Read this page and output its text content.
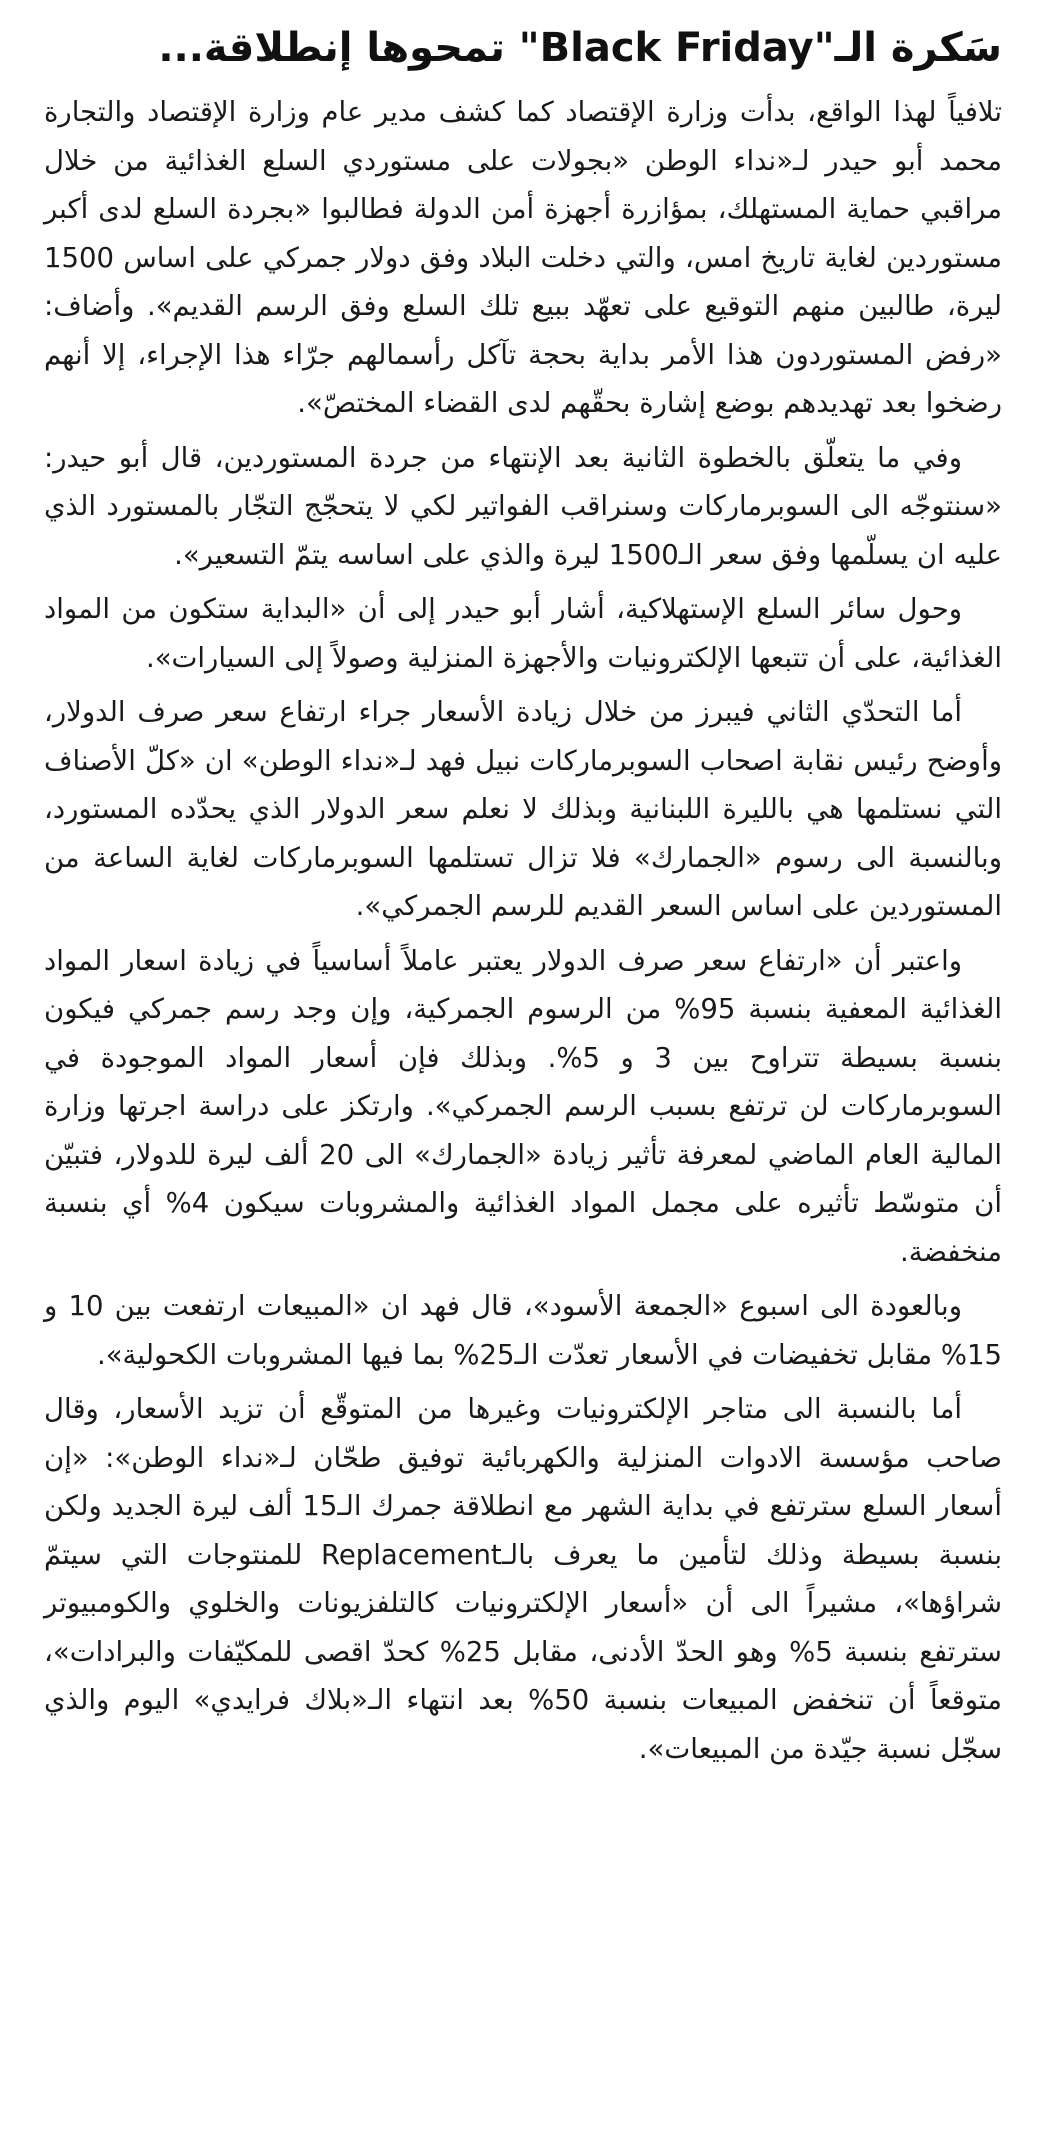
سَكرة الـ"Black Friday" تمحوها إنطلاقة...

تلافياً لهذا الواقع، بدأت وزارة الإقتصاد كما كشف مدير عام وزارة الإقتصاد والتجارة محمد أبو حيدر لـ«نداء الوطن «بجولات على مستوردي السلع الغذائية من خلال مراقبي حماية المستهلك، بمؤازرة أجهزة أمن الدولة فطالبوا «بجردة السلع لدى أكبر مستوردين لغاية تاريخ امس، والتي دخلت البلاد وفق دولار جمركي على اساس 1500 ليرة، طالبين منهم التوقيع على تعهّد ببيع تلك السلع وفق الرسم القديم». وأضاف: «رفض المستوردون هذا الأمر بداية بحجة تآكل رأسمالهم جرّاء هذا الإجراء، إلا أنهم رضخوا بعد تهديدهم بوضع إشارة بحقّهم لدى القضاء المختصّ».

وفي ما يتعلّق بالخطوة الثانية بعد الإنتهاء من جردة المستوردين، قال أبو حيدر: «سنتوجّه الى السوبرماركات وسنراقب الفواتير لكي لا يتحجّج التجّار بالمستورد الذي عليه ان يسلّمها وفق سعر الـ1500 ليرة والذي على اساسه يتمّ التسعير».

وحول سائر السلع الإستهلاكية، أشار أبو حيدر إلى أن «البداية ستكون من المواد الغذائية، على أن تتبعها الإلكترونيات والأجهزة المنزلية وصولاً إلى السيارات».

أما التحدّي الثاني فيبرز من خلال زيادة الأسعار جراء ارتفاع سعر صرف الدولار، وأوضح رئيس نقابة اصحاب السوبرماركات نبيل فهد لـ«نداء الوطن» ان «كلّ الأصناف التي نستلمها هي بالليرة اللبنانية وبذلك لا نعلم سعر الدولار الذي يحدّده المستورد، وبالنسبة الى رسوم «الجمارك» فلا تزال تستلمها السوبرماركات لغاية الساعة من المستوردين على اساس السعر القديم للرسم الجمركي».

واعتبر أن «ارتفاع سعر صرف الدولار يعتبر عاملاً أساسياً في زيادة اسعار المواد الغذائية المعفية بنسبة 95% من الرسوم الجمركية، وإن وجد رسم جمركي فيكون بنسبة بسيطة تتراوح بين 3 و 5%. وبذلك فإن أسعار المواد الموجودة في السوبرماركات لن ترتفع بسبب الرسم الجمركي». وارتكز على دراسة اجرتها وزارة المالية العام الماضي لمعرفة تأثير زيادة «الجمارك» الى 20 ألف ليرة للدولار، فتبيّن أن متوسّط تأثيره على مجمل المواد الغذائية والمشروبات سيكون 4% أي بنسبة منخفضة.

وبالعودة الى اسبوع «الجمعة الأسود»، قال فهد ان «المبيعات ارتفعت بين 10 و 15% مقابل تخفيضات في الأسعار تعدّت الـ25% بما فيها المشروبات الكحولية».

أما بالنسبة الى متاجر الإلكترونيات وغيرها من المتوقّع أن تزيد الأسعار، وقال صاحب مؤسسة الادوات المنزلية والكهربائية توفيق طحّان لـ«نداء الوطن»: «إن أسعار السلع سترتفع في بداية الشهر مع انطلاقة جمرك الـ15 ألف ليرة الجديد ولكن بنسبة بسيطة وذلك لتأمين ما يعرف بالـReplacement للمنتوجات التي سيتمّ شراؤها»، مشيراً الى أن «أسعار الإلكترونيات كالتلفزيونات والخلوي والكومبيوتر سترتفع بنسبة 5% وهو الحدّ الأدنى، مقابل 25% كحدّ اقصى للمكيّفات والبرادات»، متوقعاً أن تنخفض المبيعات بنسبة 50% بعد انتهاء الـ«بلاك فرايدي» اليوم والذي سجّل نسبة جيّدة من المبيعات».
